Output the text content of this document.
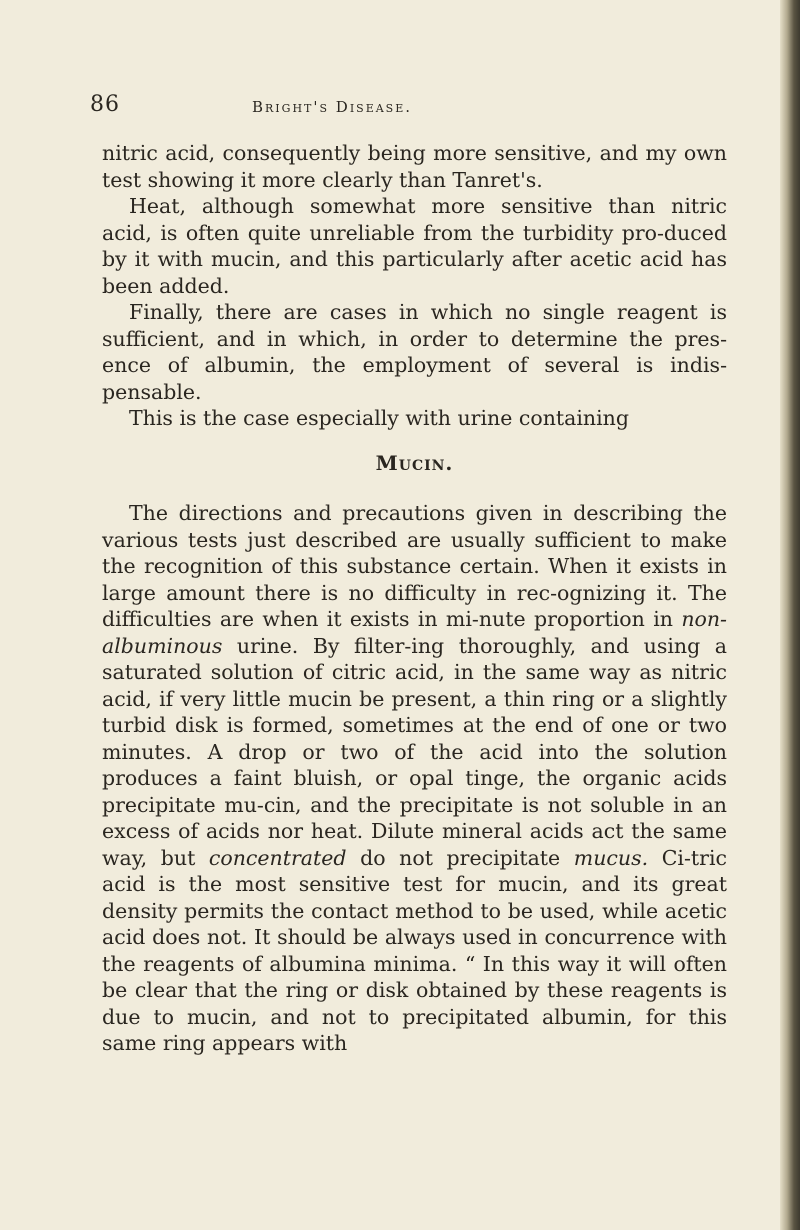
86	Bright's Disease.

nitric acid, consequently being more sensitive, and my own test showing it more clearly than Tanret's.

Heat, although somewhat more sensitive than nitric acid, is often quite unreliable from the turbidity pro-duced by it with mucin, and this particularly after acetic acid has been added.

Finally, there are cases in which no single reagent is sufficient, and in which, in order to determine the pres-ence of albumin, the employment of several is indis-pensable.

This is the case especially with urine containing

Mucin.

The directions and precautions given in describing the various tests just described are usually sufficient to make the recognition of this substance certain. When it exists in large amount there is no difficulty in rec-ognizing it. The difficulties are when it exists in mi-nute proportion in non-albuminous urine. By filter-ing thoroughly, and using a saturated solution of citric acid, in the same way as nitric acid, if very little mucin be present, a thin ring or a slightly turbid disk is formed, sometimes at the end of one or two minutes. A drop or two of the acid into the solution produces a faint bluish, or opal tinge, the organic acids precipitate mu-cin, and the precipitate is not soluble in an excess of acids nor heat. Dilute mineral acids act the same way, but concentrated do not precipitate mucus. Ci-tric acid is the most sensitive test for mucin, and its great density permits the contact method to be used, while acetic acid does not. It should be always used in concurrence with the reagents of albumina minima. “ In this way it will often be clear that the ring or disk obtained by these reagents is due to mucin, and not to precipitated albumin, for this same ring appears with
